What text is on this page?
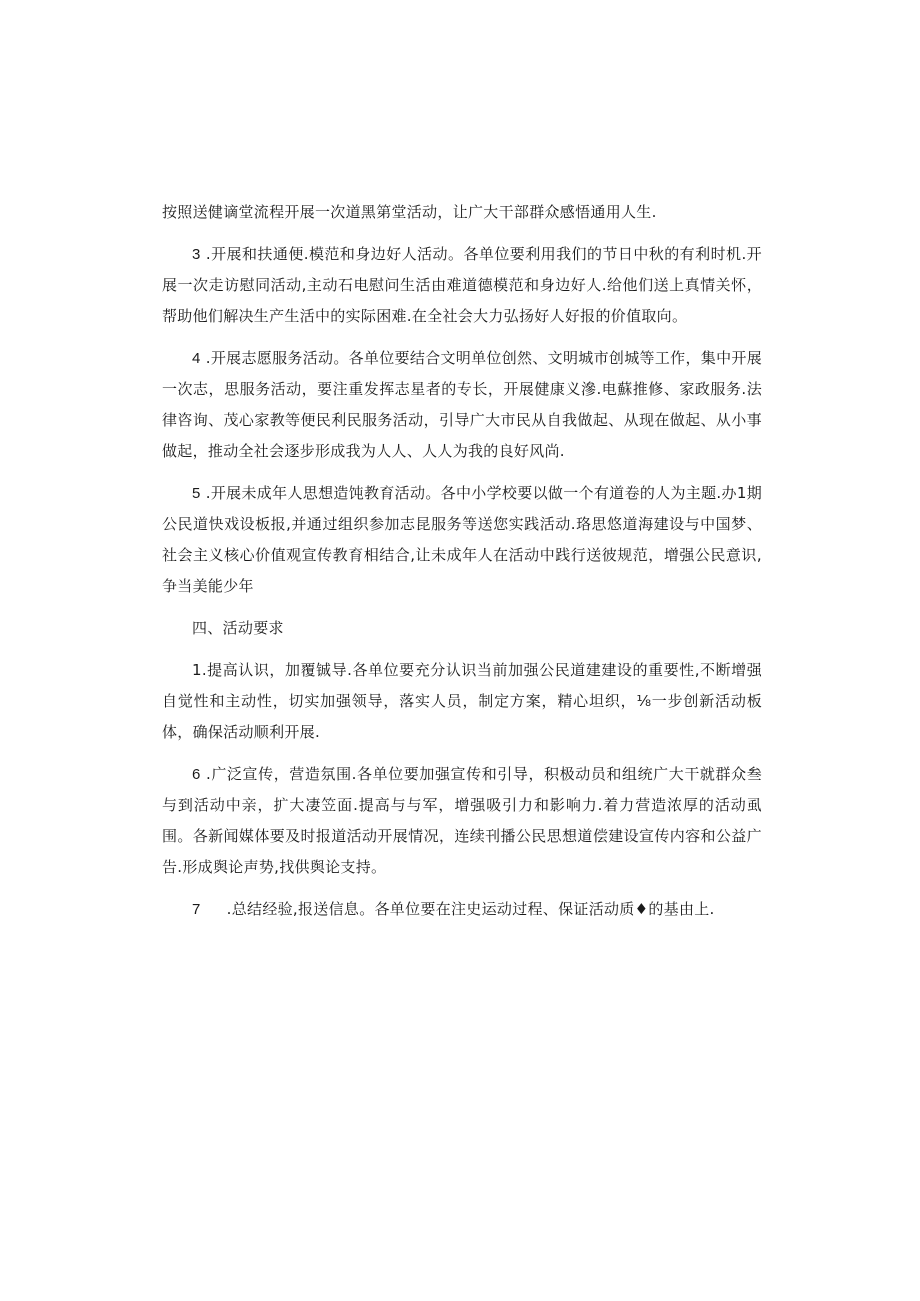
按照送健谪堂流程开展一次道黑第堂活动，让广大干部群众感悟通用人生.

3 .开展和扶通便.模范和身边好人活动。各单位要利用我们的节日中秋的有利时机.开展一次走访慰同活动,主动石电慰问生活由难道德模范和身边好人.给他们送上真情关怀，帮助他们解决生产生活中的实际困难.在全社会大力弘扬好人好报的价值取向。

4 .开展志愿服务活动。各单位要结合文明单位创然、文明城市创城等工作，集中开展一次志，思服务活动，要注重发挥志星者的专长，开展健康义滲.电蘇推修、家政服务.法律咨询、茂心家教等便民利民服务活动，引导广大市民从自我做起、从现在做起、从小事做起，推动全社会逐步形成我为人人、人人为我的良好风尚.

5 .开展未成年人思想造饨教育活动。各中小学校要以做一个有道卷的人为主题.办1期公民道快戏设板报,并通过组织参加志昆服务等送您实践活动.珞思悠道海建设与中国梦、社会主义核心价值观宣传教育相结合,让未成年人在活动中践行送彼规范，增强公民意识,争当美能少年

四、活动要求

1.提高认识，加覆铖导.各单位要充分认识当前加强公民道建建设的重要性,不断增强自觉性和主动性，切实加强领导，落实人员，制定方案，精心坦织，⅛一步创新活动板体，确保活动顺利开展.

6 .广泛宣传，营造氛围.各单位要加强宣传和引导，积极动员和组统广大干就群众叁与到活动中亲，扩大凄笠面.提高与与军，增强吸引力和影响力.着力营造浓厚的活动虱围。各新闻媒体要及时报道活动开展情况，连续刊播公民思想道偿建设宣传内容和公益广告.形成舆论声势,找供舆论支持。

7 .总结经验,报送信息。各单位要在注史运动过程、保证活动质♦的基由上.
